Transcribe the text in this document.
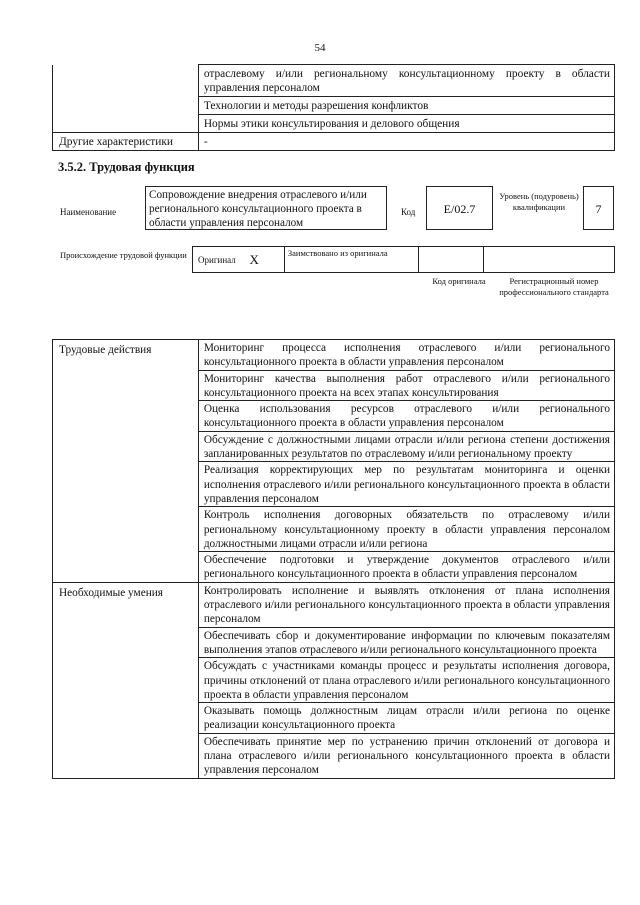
54
	отраслевому и/или региональному консультационному проекту в области управления персоналом
	Технологии и методы разрешения конфликтов
	Нормы этики консультирования и делового общения
Другие характеристики	-
3.5.2. Трудовая функция
Наименование
Сопровождение внедрения отраслевого и/или регионального консультационного проекта в области управления персоналом
Код	E/02.7
Уровень (подуровень) квалификации	7
Происхождение трудовой функции	Оригинал	X	Заимствовано из оригинала		
Код оригинала	Регистрационный номер профессионального стандарта
Трудовые действия	Мониторинг процесса исполнения отраслевого и/или регионального консультационного проекта в области управления персоналом
	Мониторинг качества выполнения работ отраслевого и/или регионального консультационного проекта на всех этапах консультирования
	Оценка использования ресурсов отраслевого и/или регионального консультационного проекта в области управления персоналом
	Обсуждение с должностными лицами отрасли и/или региона степени достижения запланированных результатов по отраслевому и/или региональному проекту
	Реализация корректирующих мер по результатам мониторинга и оценки исполнения отраслевого и/или регионального консультационного проекта в области управления персоналом
	Контроль исполнения договорных обязательств по отраслевому и/или региональному консультационному проекту в области управления персоналом должностными лицами отрасли и/или региона
	Обеспечение подготовки и утверждение документов отраслевого и/или регионального консультационного проекта в области управления персоналом
Необходимые умения	Контролировать исполнение и выявлять отклонения от плана исполнения отраслевого и/или регионального консультационного проекта в области управления персоналом
	Обеспечивать сбор и документирование информации по ключевым показателям выполнения этапов отраслевого и/или регионального консультационного проекта
	Обсуждать с участниками команды процесс и результаты исполнения договора, причины отклонений от плана отраслевого и/или регионального консультационного проекта в области управления персоналом
	Оказывать помощь должностным лицам отрасли и/или региона по оценке реализации консультационного проекта
	Обеспечивать принятие мер по устранению причин отклонений от договора и плана отраслевого и/или регионального консультационного проекта в области управления персоналом
